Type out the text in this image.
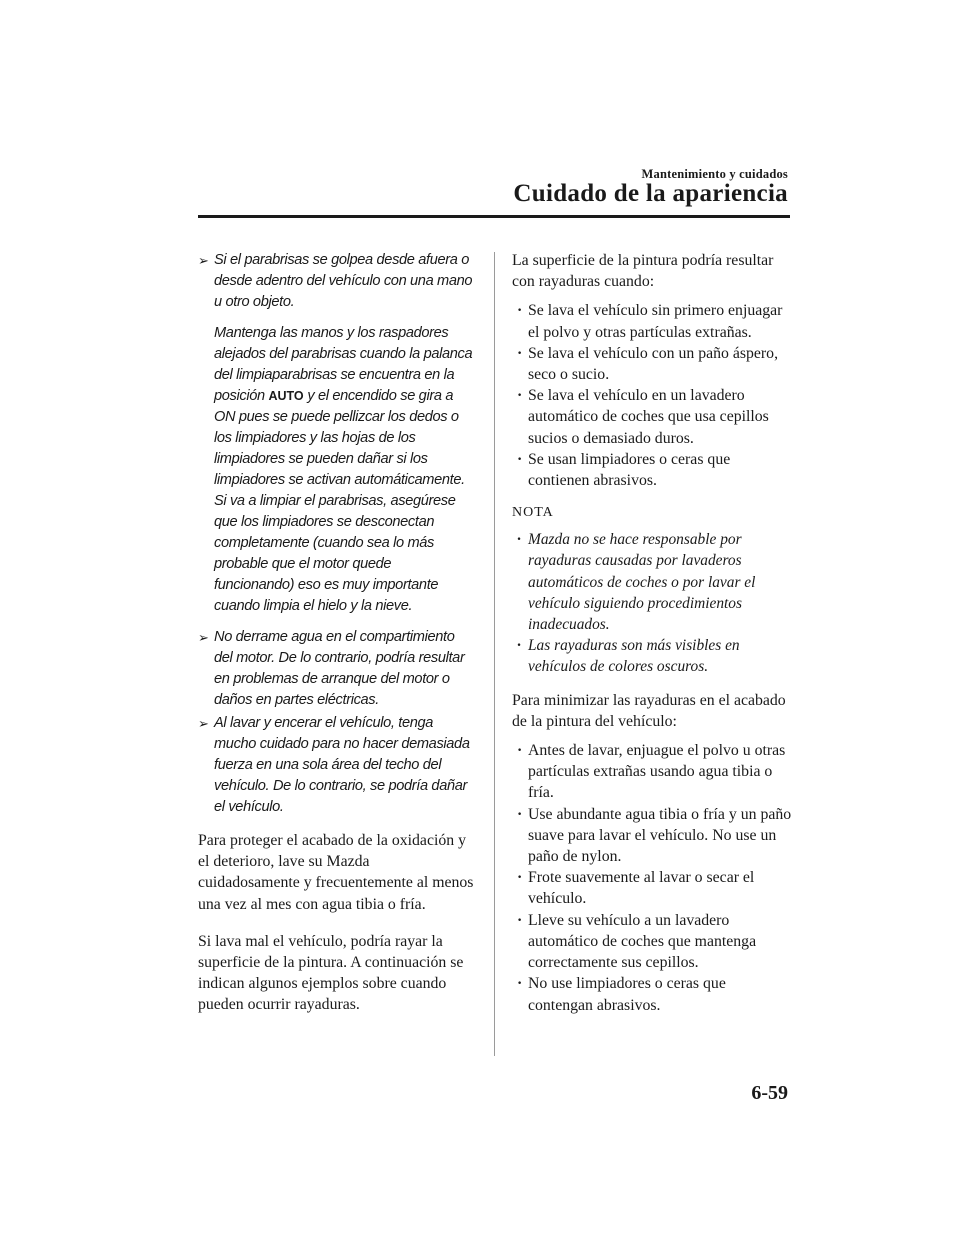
Mantenimiento y cuidados
Cuidado de la apariencia
➢ Si el parabrisas se golpea desde afuera o desde adentro del vehículo con una mano u otro objeto.
Mantenga las manos y los raspadores alejados del parabrisas cuando la palanca del limpiaparabrisas se encuentra en la posición AUTO y el encendido se gira a ON pues se puede pellizcar los dedos o los limpiadores y las hojas de los limpiadores se pueden dañar si los limpiadores se activan automáticamente.
Si va a limpiar el parabrisas, asegúrese que los limpiadores se desconectan completamente (cuando sea lo más probable que el motor quede funcionando) eso es muy importante cuando limpia el hielo y la nieve.
➢ No derrame agua en el compartimiento del motor. De lo contrario, podría resultar en problemas de arranque del motor o daños en partes eléctricas.
➢ Al lavar y encerar el vehículo, tenga mucho cuidado para no hacer demasiada fuerza en una sola área del techo del vehículo. De lo contrario, se podría dañar el vehículo.

Para proteger el acabado de la oxidación y el deterioro, lave su Mazda cuidadosamente y frecuentemente al menos una vez al mes con agua tibia o fría.

Si lava mal el vehículo, podría rayar la superficie de la pintura. A continuación se indican algunos ejemplos sobre cuando pueden ocurrir rayaduras.

La superficie de la pintura podría resultar con rayaduras cuando:

· Se lava el vehículo sin primero enjuagar el polvo y otras partículas extrañas.
· Se lava el vehículo con un paño áspero, seco o sucio.
· Se lava el vehículo en un lavadero automático de coches que usa cepillos sucios o demasiado duros.
· Se usan limpiadores o ceras que contienen abrasivos.
NOTA
· Mazda no se hace responsable por rayaduras causadas por lavaderos automáticos de coches o por lavar el vehículo siguiendo procedimientos inadecuados.
· Las rayaduras son más visibles en vehículos de colores oscuros.

Para minimizar las rayaduras en el acabado de la pintura del vehículo:

· Antes de lavar, enjuague el polvo u otras partículas extrañas usando agua tibia o fría.
· Use abundante agua tibia o fría y un paño suave para lavar el vehículo. No use un paño de nylon.
· Frote suavemente al lavar o secar el vehículo.
· Lleve su vehículo a un lavadero automático de coches que mantenga correctamente sus cepillos.
· No use limpiadores o ceras que contengan abrasivos.
6-59
